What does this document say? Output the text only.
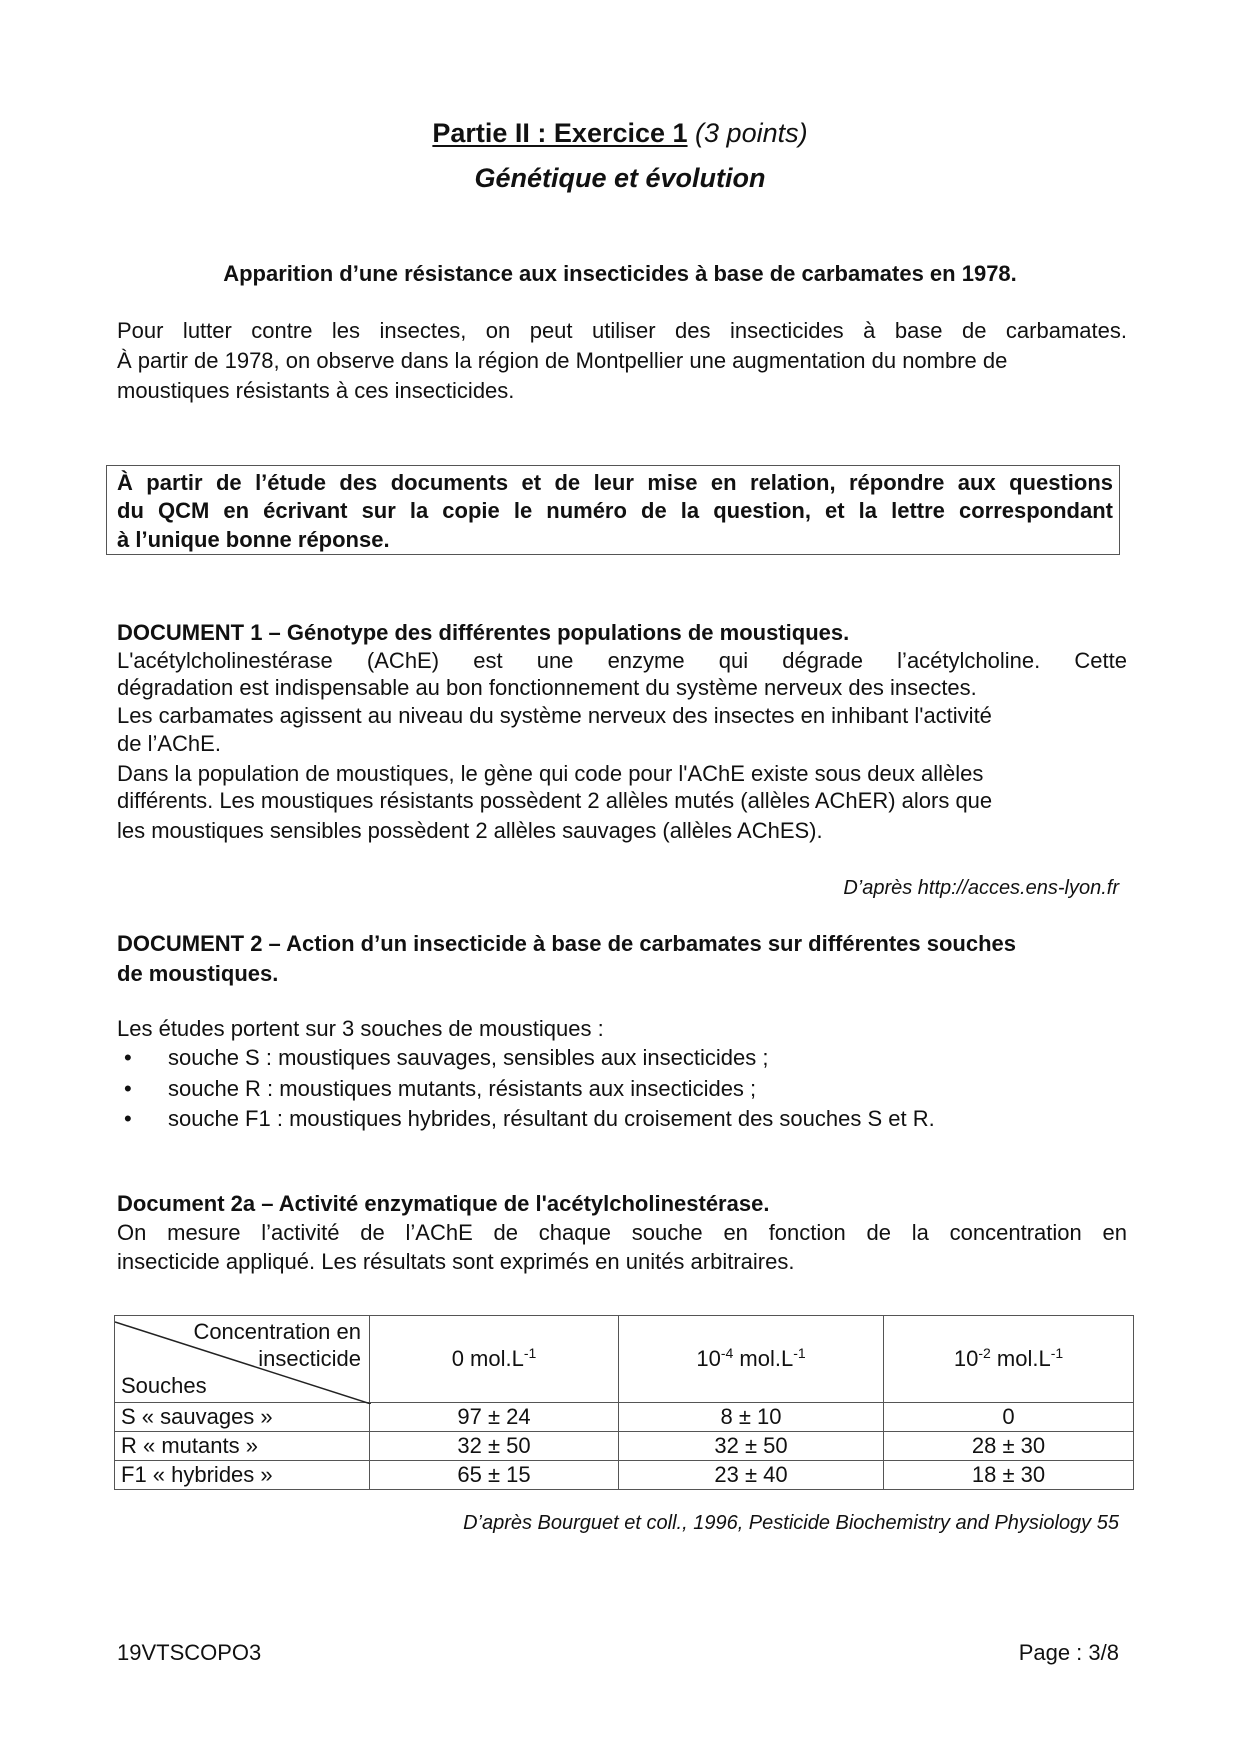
Partie II : Exercice 1 (3 points)
Génétique et évolution
Apparition d’une résistance aux insecticides à base de carbamates en 1978.
Pour lutter contre les insectes, on peut utiliser des insecticides à base de carbamates.
À partir de 1978, on observe dans la région de Montpellier une augmentation du nombre de
moustiques résistants à ces insecticides.
À partir de l’étude des documents et de leur mise en relation, répondre aux questions
du QCM en écrivant sur la copie le numéro de la question, et la lettre correspondant
à l’unique bonne réponse.
DOCUMENT 1 – Génotype des différentes populations de moustiques.
L'acétylcholinestérase (AChE) est une enzyme qui dégrade l’acétylcholine. Cette
dégradation est indispensable au bon fonctionnement du système nerveux des insectes.
Les carbamates agissent au niveau du système nerveux des insectes en inhibant l'activité
de l’AChE.
Dans la population de moustiques, le gène qui code pour l'AChE existe sous deux allèles
différents. Les moustiques résistants possèdent 2 allèles mutés (allèles AChER) alors que
les moustiques sensibles possèdent 2 allèles sauvages (allèles AChES).
D’après http://acces.ens-lyon.fr
DOCUMENT 2 – Action d’un insecticide à base de carbamates sur différentes souches
de moustiques.
Les études portent sur 3 souches de moustiques :
• souche S : moustiques sauvages, sensibles aux insecticides ;
• souche R : moustiques mutants, résistants aux insecticides ;
• souche F1 : moustiques hybrides, résultant du croisement des souches S et R.
Document 2a – Activité enzymatique de l'acétylcholinestérase.
On mesure l’activité de l’AChE de chaque souche en fonction de la concentration en
insecticide appliqué. Les résultats sont exprimés en unités arbitraires.
Concentration en
insecticide
Souches	0 $mol.L^{-1}$	$10^{-4}$ $mol.L^{-1}$	$10^{-2}$ $mol.L^{-1}$
S « sauvages »	97 ± 24	8 ± 10	0
R « mutants »	32 ± 50	32 ± 50	28 ± 30
F1 « hybrides »	65 ± 15	23 ± 40	18 ± 30
D’après Bourguet et coll., 1996, Pesticide Biochemistry and Physiology 55
19VTSCOPO3	Page : 3/8
